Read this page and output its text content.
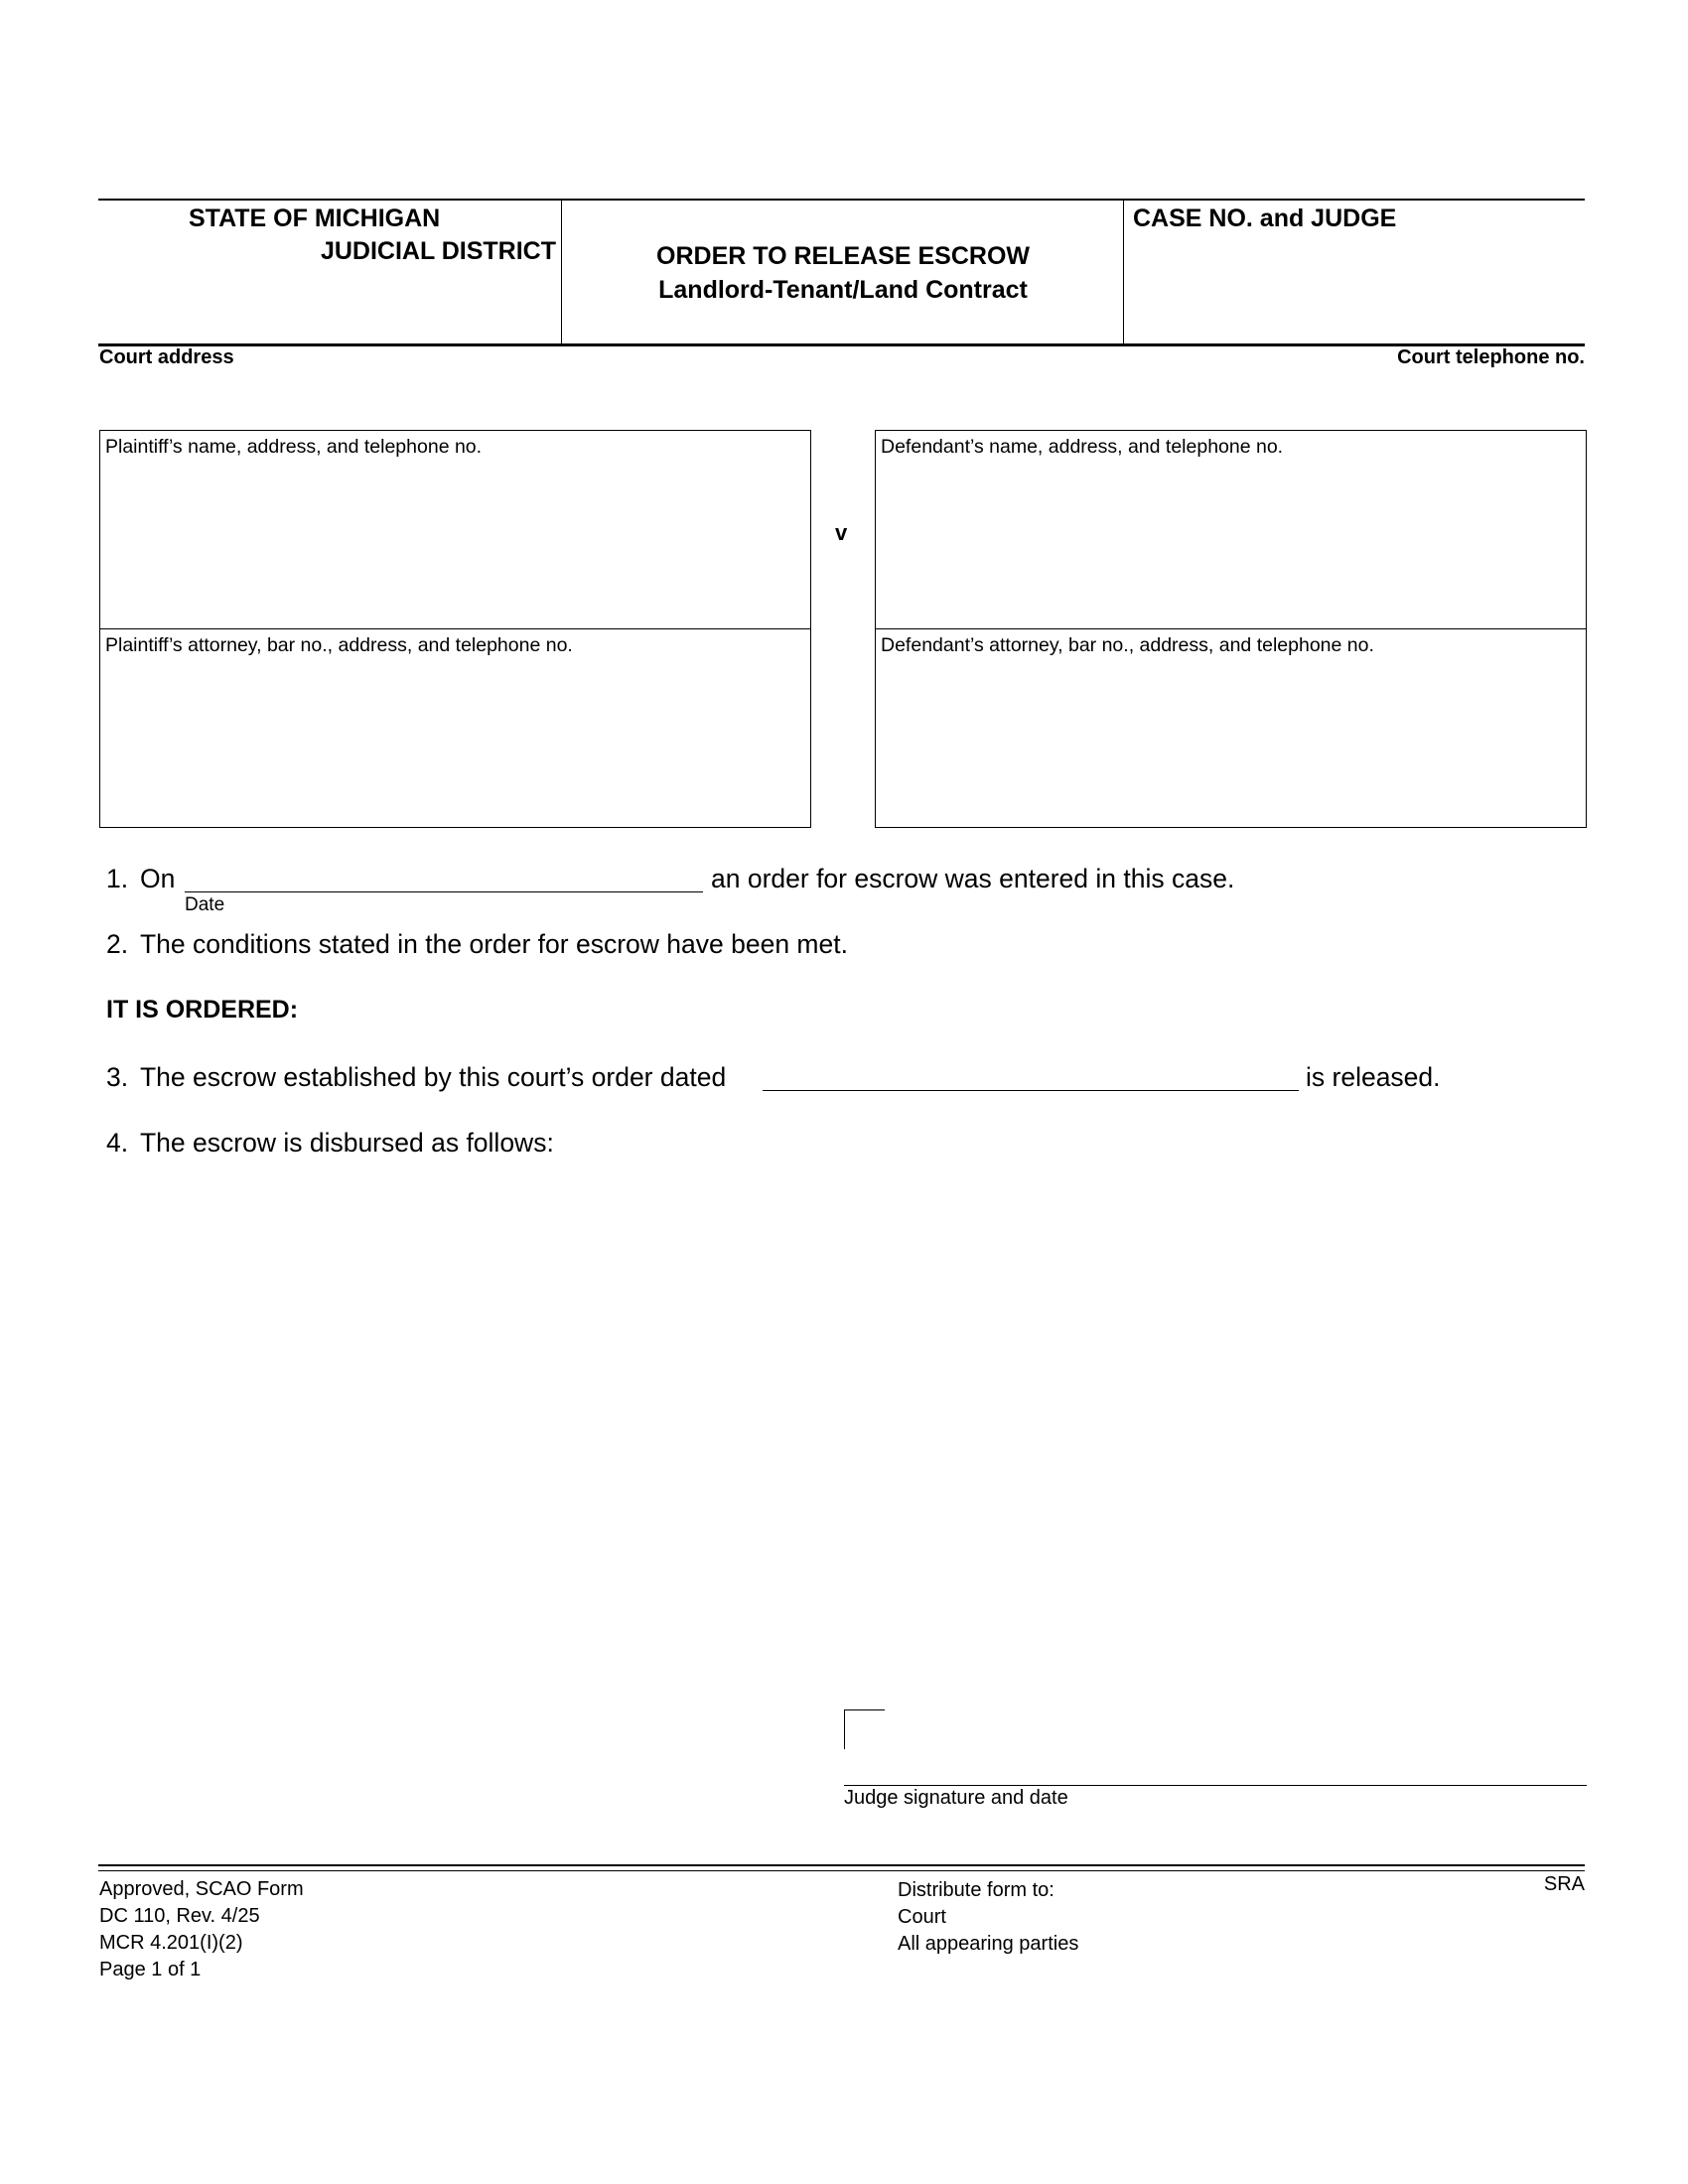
STATE OF MICHIGAN
JUDICIAL DISTRICT	ORDER TO RELEASE ESCROW
Landlord-Tenant/Land Contract
CASE NO. and JUDGE
Court address	Court telephone no.
Plaintiff’s name, address, and telephone no.
Plaintiff’s attorney, bar no., address, and telephone no.
v
Defendant’s name, address, and telephone no.
Defendant’s attorney, bar no., address, and telephone no.
1. On	an order for escrow was entered in this case.
Date
2. The conditions stated in the order for escrow have been met.
IT IS ORDERED:
3. The escrow established by this court’s order dated	is released.
4. The escrow is disbursed as follows:
Judge signature and date
Approved, SCAO Form
DC 110, Rev. 4/25
MCR 4.201(I)(2)
Page 1 of 1
Distribute form to:
Court
All appearing parties
SRA
